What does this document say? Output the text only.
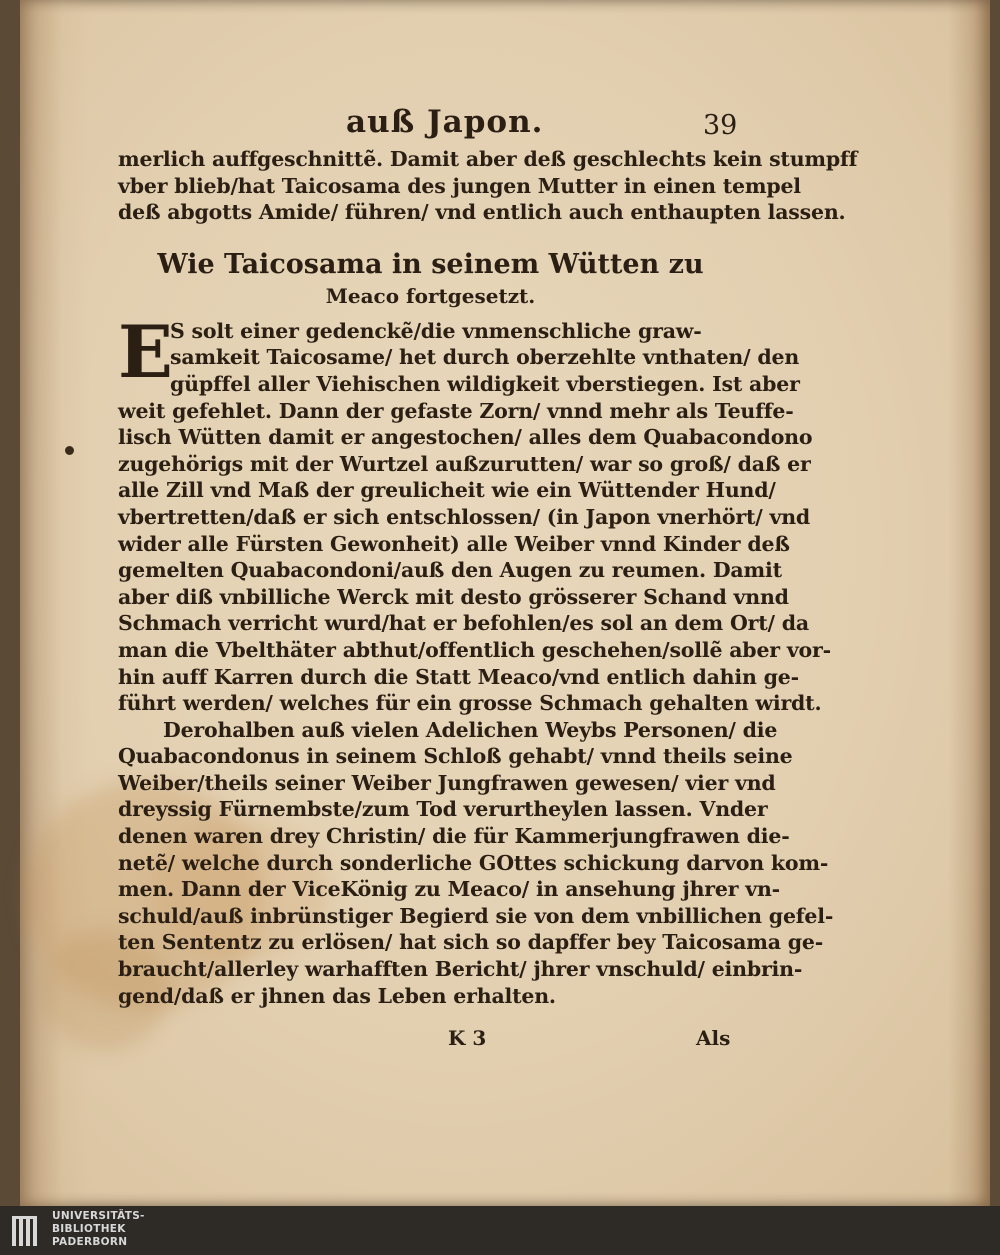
auß Japon.	39
merlich auffgeschnittẽ. Damit aber deß geschlechts kein stumpff
vber blieb/hat Taicosama des jungen Mutter in einen tempel
deß abgotts Amide/ führen/ vnd entlich auch enthaupten lassen.
Wie Taicosama in seinem Wütten zu
Meaco fortgesetzt.
E
S solt einer gedenckẽ/die vnmenschliche graw-
samkeit Taicosame/ het durch oberzehlte vnthaten/ den
güpffel aller Viehischen wildigkeit vberstiegen. Ist aber
weit gefehlet. Dann der gefaste Zorn/ vnnd mehr als Teuffe-
lisch Wütten damit er angestochen/ alles dem Quabacondono
zugehörigs mit der Wurtzel außzurutten/ war so groß/ daß er
alle Zill vnd Maß der greulicheit wie ein Wüttender Hund/
vbertretten/daß er sich entschlossen/ (in Japon vnerhört/ vnd
wider alle Fürsten Gewonheit) alle Weiber vnnd Kinder deß
gemelten Quabacondoni/auß den Augen zu reumen. Damit
aber diß vnbilliche Werck mit desto grösserer Schand vnnd
Schmach verricht wurd/hat er befohlen/es sol an dem Ort/ da
man die Vbelthäter abthut/offentlich geschehen/sollẽ aber vor-
hin auff Karren durch die Statt Meaco/vnd entlich dahin ge-
führt werden/ welches für ein grosse Schmach gehalten wirdt.
Derohalben auß vielen Adelichen Weybs Personen/ die
Quabacondonus in seinem Schloß gehabt/ vnnd theils seine
Weiber/theils seiner Weiber Jungfrawen gewesen/ vier vnd
dreyssig Fürnembste/zum Tod verurtheylen lassen. Vnder
denen waren drey Christin/ die für Kammerjungfrawen die-
netẽ/ welche durch sonderliche GOttes schickung darvon kom-
men. Dann der ViceKönig zu Meaco/ in ansehung jhrer vn-
schuld/auß inbrünstiger Begierd sie von dem vnbillichen gefel-
ten Sententz zu erlösen/ hat sich so dapffer bey Taicosama ge-
braucht/allerley warhafften Bericht/ jhrer vnschuld/ einbrin-
gend/daß er jhnen das Leben erhalten.
K 3	Als
UNIVERSITÄTS-
BIBLIOTHEK
PADERBORN
